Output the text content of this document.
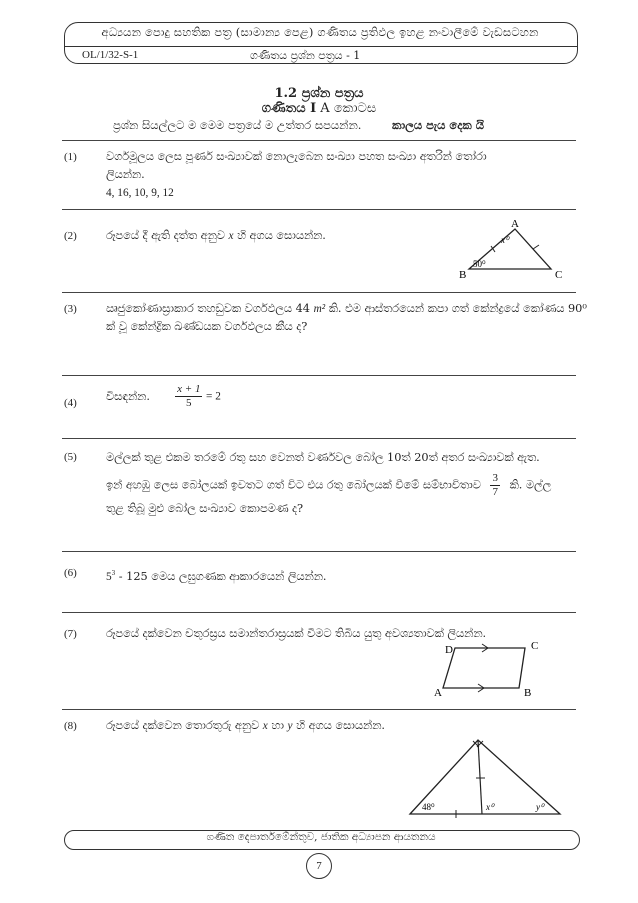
අධ්‍යයන පොදු සහතික පත්‍ර (සාමාන්‍ය පෙළ) ගණිතය ප්‍රතිඵල ඉහළ නංවාලීමේ වැඩසටහන
OL/1/32-S-1	ගණිතය ප්‍රශ්න පත්‍රය - 1
1.2 ප්‍රශ්න පත්‍රය
ගණිතය I A කොටස
ප්‍රශ්න සියල්ලට ම මෙම පත්‍රයේ ම උත්තර සපයන්න.	කාලය පැය දෙක යි
(1)	වර්ගමූලය ලෙස පූර්ණ සංඛ්‍යාවක් නොලැබෙන සංඛ්‍යා පහත සංඛ්‍යා අතරින් තෝරා
ලියන්න.
4, 16, 10, 9, 12
(2)	රූපයේ දී ඇති දත්ත අනුව x හි අගය සොයන්න.
A
x⁰
B
50⁰
C
(3)	ඍජුකෝණාස්‍රාකාර තහඩුවක වර්ගඵලය 44 m² කි. එම ආස්තරයෙන් කපා ගත් කේන්ද්‍රයේ කෝණය 90⁰
ක් වූ කේන්ද්‍රික ඛණ්ඩයක වර්ගඵලය කීය ද?
(4)
විසඳන්න. $\frac{x + 1}{5} = 2$
(5)	මල්ලක් තුළ එකම තරමේ රතු සහ වෙනත් වර්ණවල බෝල 10ත් 20ත් අතර සංඛ්‍යාවක් ඇත.
ඉන් අහඹු ලෙස බෝලයක් ඉවතට ගත් විට එය රතු බෝලයක් වීමේ සම්භාවිතාව $\frac{3}{7}$ කි. මල්ල
තුළ තිබූ මුළු බෝල සංඛ්‍යාව කොපමණ ද?
(6)	$5^3 - 125$ මෙය ලඝුගණක ආකාරයෙන් ලියන්න.
(7)	රූපයේ දක්වෙන චතුරස්‍රය සමාන්තරාස්‍රයක් වීමට තිබිය යුතු අවශ්‍යතාවක් ලියන්න.
D	C
A	B
(8)	රූපයේ දක්වෙන තොරතුරු අනුව x හා y හි අගය සොයන්න.
48⁰	x⁰	y⁰
ගණිත දෙපාර්තමේන්තුව, ජාතික අධ්‍යාපන ආයතනය
7
